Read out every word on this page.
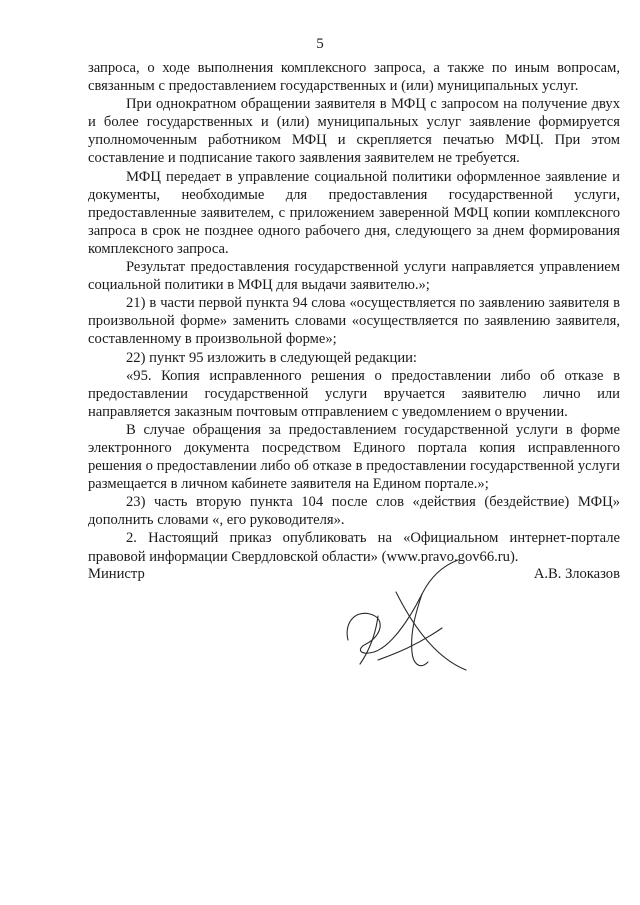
5

запроса, о ходе выполнения комплексного запроса, а также по иным вопросам, связанным с предоставлением государственных и (или) муниципальных услуг.

При однократном обращении заявителя в МФЦ с запросом на получение двух и более государственных и (или) муниципальных услуг заявление формируется уполномоченным работником МФЦ и скрепляется печатью МФЦ. При этом составление и подписание такого заявления заявителем не требуется.

МФЦ передает в управление социальной политики оформленное заявление и документы, необходимые для предоставления государственной услуги, предоставленные заявителем, с приложением заверенной МФЦ копии комплексного запроса в срок не позднее одного рабочего дня, следующего за днем формирования комплексного запроса.

Результат предоставления государственной услуги направляется управлением социальной политики в МФЦ для выдачи заявителю.»;

21) в части первой пункта 94 слова «осуществляется по заявлению заявителя в произвольной форме» заменить словами «осуществляется по заявлению заявителя, составленному в произвольной форме»;

22) пункт 95 изложить в следующей редакции:

«95. Копия исправленного решения о предоставлении либо об отказе в предоставлении государственной услуги вручается заявителю лично или направляется заказным почтовым отправлением с уведомлением о вручении.

В случае обращения за предоставлением государственной услуги в форме электронного документа посредством Единого портала копия исправленного решения о предоставлении либо об отказе в предоставлении государственной услуги размещается в личном кабинете заявителя на Едином портале.»;

23) часть вторую пункта 104 после слов «действия (бездействие) МФЦ» дополнить словами «, его руководителя».

2. Настоящий приказ опубликовать на «Официальном интернет-портале правовой информации Свердловской области» (www.pravo.gov66.ru).

Министр	А.В. Злоказов
